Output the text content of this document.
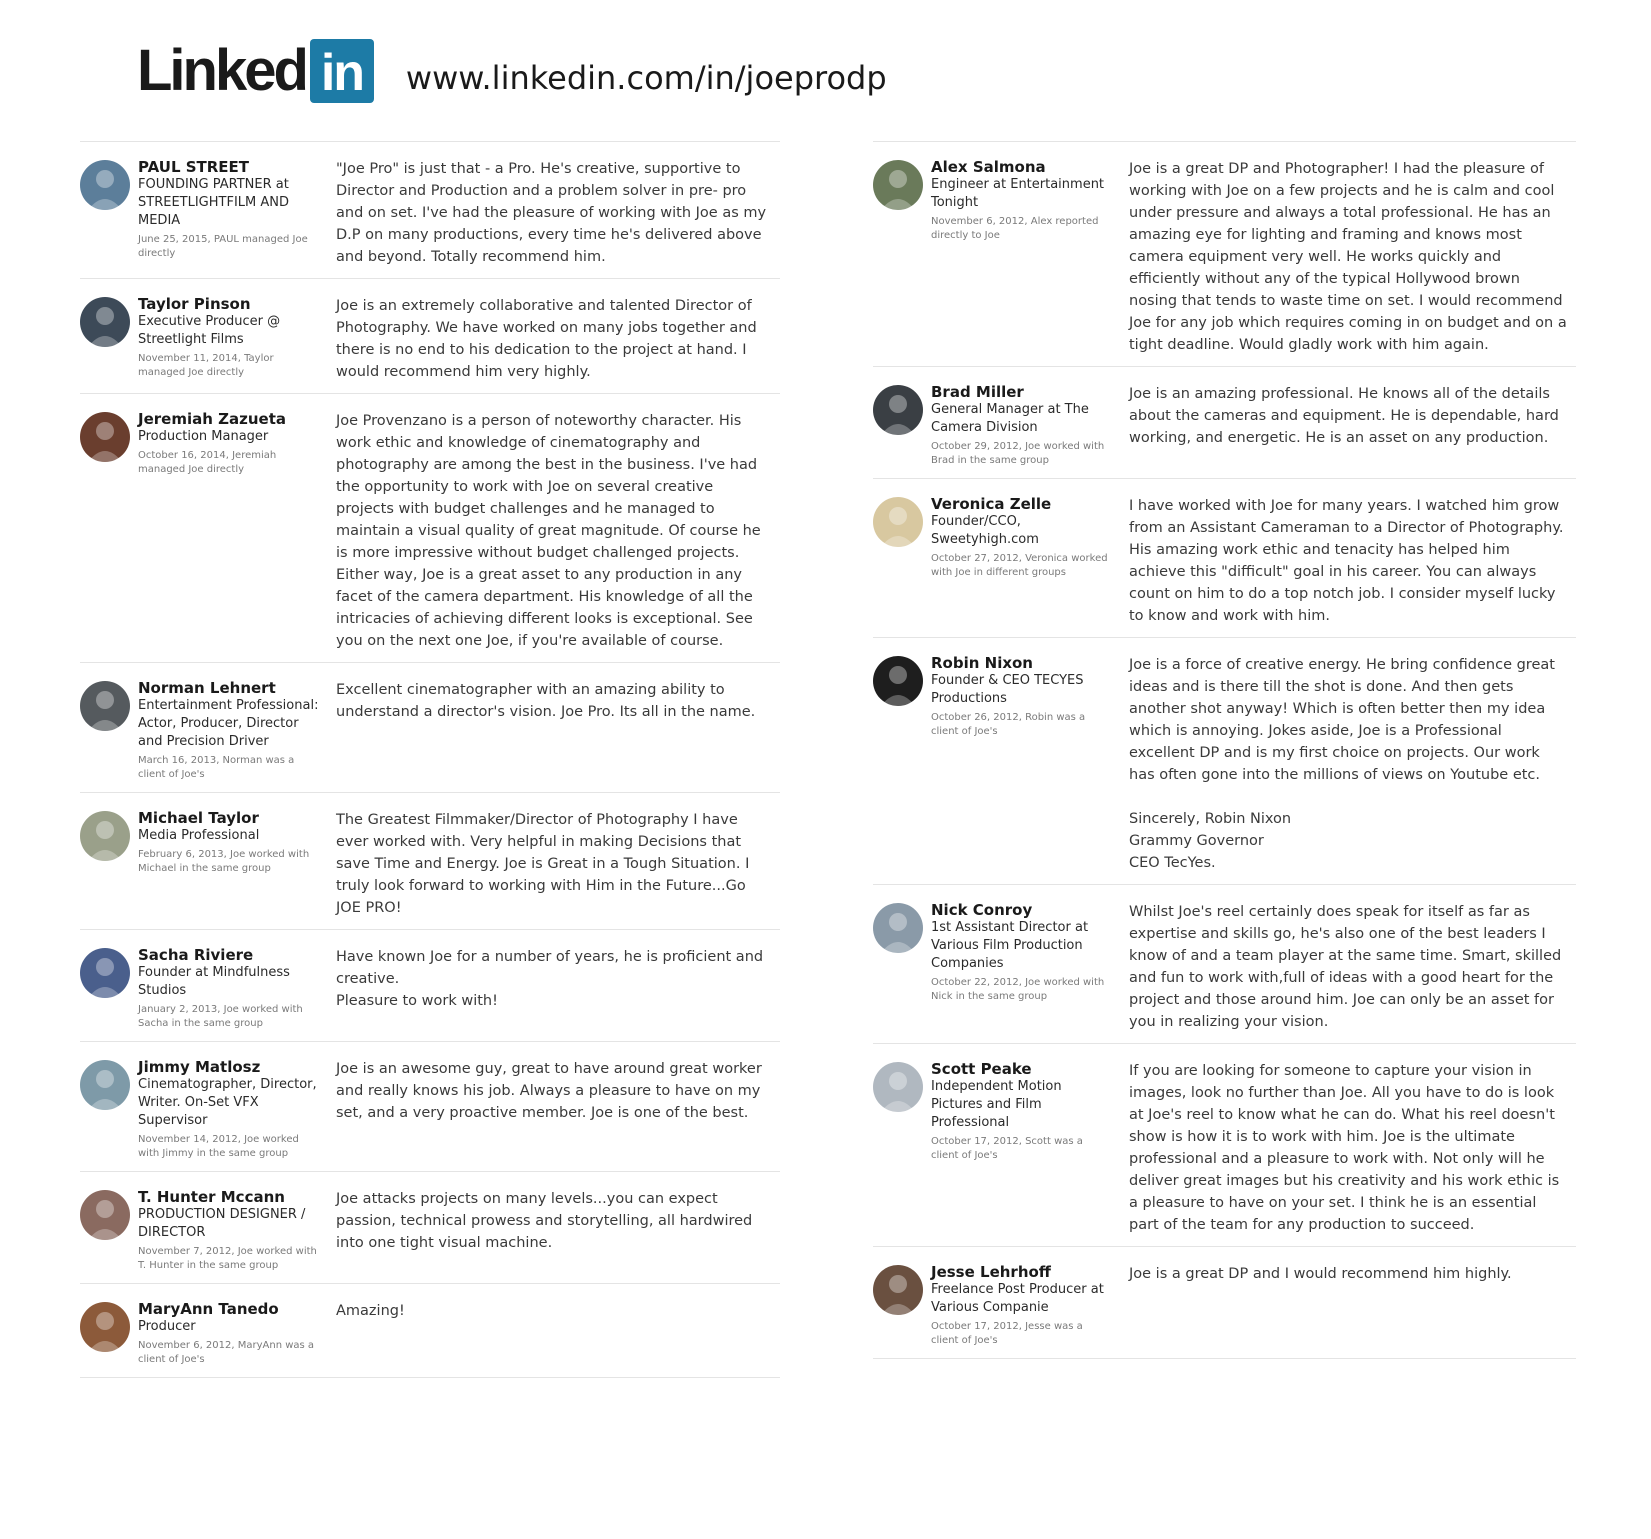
Linked in www.linkedin.com/in/joeprodp
PAUL STREET
FOUNDING PARTNER at STREETLIGHTFILM AND MEDIA
June 25, 2015, PAUL managed Joe directly
"Joe Pro" is just that - a Pro. He's creative, supportive to Director and Production and a problem solver in pre- pro and on set. I've had the pleasure of working with Joe as my D.P on many productions, every time he's delivered above and beyond. Totally recommend him.
Taylor Pinson
Executive Producer @ Streetlight Films
November 11, 2014, Taylor managed Joe directly
Joe is an extremely collaborative and talented Director of Photography. We have worked on many jobs together and there is no end to his dedication to the project at hand. I would recommend him very highly.
Jeremiah Zazueta
Production Manager
October 16, 2014, Jeremiah managed Joe directly
Joe Provenzano is a person of noteworthy character. His work ethic and knowledge of cinematography and photography are among the best in the business. I've had the opportunity to work with Joe on several creative projects with budget challenges and he managed to maintain a visual quality of great magnitude. Of course he is more impressive without budget challenged projects. Either way, Joe is a great asset to any production in any facet of the camera department. His knowledge of all the intricacies of achieving different looks is exceptional. See you on the next one Joe, if you're available of course.
Norman Lehnert
Entertainment Professional: Actor, Producer, Director and Precision Driver
March 16, 2013, Norman was a client of Joe's
Excellent cinematographer with an amazing ability to understand a director's vision. Joe Pro. Its all in the name.
Michael Taylor
Media Professional
February 6, 2013, Joe worked with Michael in the same group
The Greatest Filmmaker/Director of Photography I have ever worked with. Very helpful in making Decisions that save Time and Energy. Joe is Great in a Tough Situation. I truly look forward to working with Him in the Future...Go JOE PRO!
Sacha Riviere
Founder at Mindfulness Studios
January 2, 2013, Joe worked with Sacha in the same group
Have known Joe for a number of years, he is proficient and creative.
Pleasure to work with!
Jimmy Matlosz
Cinematographer, Director, Writer. On-Set VFX Supervisor
November 14, 2012, Joe worked with Jimmy in the same group
Joe is an awesome guy, great to have around great worker and really knows his job. Always a pleasure to have on my set, and a very proactive member. Joe is one of the best.
T. Hunter Mccann
PRODUCTION DESIGNER / DIRECTOR
November 7, 2012, Joe worked with T. Hunter in the same group
Joe attacks projects on many levels...you can expect passion, technical prowess and storytelling, all hardwired into one tight visual machine.
MaryAnn Tanedo
Producer
November 6, 2012, MaryAnn was a client of Joe's
Amazing!
Alex Salmona
Engineer at Entertainment Tonight
November 6, 2012, Alex reported directly to Joe
Joe is a great DP and Photographer! I had the pleasure of working with Joe on a few projects and he is calm and cool under pressure and always a total professional. He has an amazing eye for lighting and framing and knows most camera equipment very well. He works quickly and efficiently without any of the typical Hollywood brown nosing that tends to waste time on set. I would recommend Joe for any job which requires coming in on budget and on a tight deadline. Would gladly work with him again.
Brad Miller
General Manager at The Camera Division
October 29, 2012, Joe worked with Brad in the same group
Joe is an amazing professional. He knows all of the details about the cameras and equipment. He is dependable, hard working, and energetic. He is an asset on any production.
Veronica Zelle
Founder/CCO, Sweetyhigh.com
October 27, 2012, Veronica worked with Joe in different groups
I have worked with Joe for many years. I watched him grow from an Assistant Cameraman to a Director of Photography. His amazing work ethic and tenacity has helped him achieve this "difficult" goal in his career. You can always count on him to do a top notch job. I consider myself lucky to know and work with him.
Robin Nixon
Founder & CEO TECYES Productions
October 26, 2012, Robin was a client of Joe's
Joe is a force of creative energy. He bring confidence great ideas and is there till the shot is done. And then gets another shot anyway! Which is often better then my idea which is annoying. Jokes aside, Joe is a Professional excellent DP and is my first choice on projects. Our work has often gone into the millions of views on Youtube etc.

Sincerely, Robin Nixon
Grammy Governor
CEO TecYes.
Nick Conroy
1st Assistant Director at Various Film Production Companies
October 22, 2012, Joe worked with Nick in the same group
Whilst Joe's reel certainly does speak for itself as far as expertise and skills go, he's also one of the best leaders I know of and a team player at the same time. Smart, skilled and fun to work with,full of ideas with a good heart for the project and those around him. Joe can only be an asset for you in realizing your vision.
Scott Peake
Independent Motion Pictures and Film Professional
October 17, 2012, Scott was a client of Joe's
If you are looking for someone to capture your vision in images, look no further than Joe. All you have to do is look at Joe's reel to know what he can do. What his reel doesn't show is how it is to work with him. Joe is the ultimate professional and a pleasure to work with. Not only will he deliver great images but his creativity and his work ethic is a pleasure to have on your set. I think he is an essential part of the team for any production to succeed.
Jesse Lehrhoff
Freelance Post Producer at Various Companie
October 17, 2012, Jesse was a client of Joe's
Joe is a great DP and I would recommend him highly.
